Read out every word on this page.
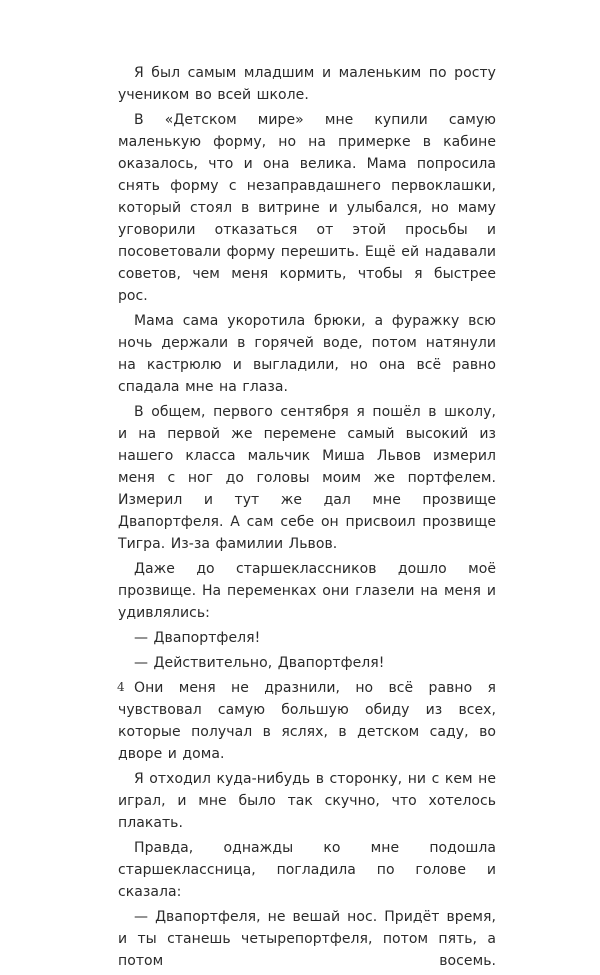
Я был самым младшим и маленьким по росту учеником во всей школе.

В «Детском мире» мне купили самую маленькую форму, но на примерке в кабине оказалось, что и она велика. Мама попросила снять форму с незаправдашнего первоклашки, который стоял в витрине и улыбался, но маму уговорили отказаться от этой просьбы и посоветовали форму перешить. Ещё ей надавали советов, чем меня кормить, чтобы я быстрее рос.

Мама сама укоротила брюки, а фуражку всю ночь держали в горячей воде, потом натянули на кастрюлю и выгладили, но она всё равно спадала мне на глаза.

В общем, первого сентября я пошёл в школу, и на первой же перемене самый высокий из нашего класса мальчик Миша Львов измерил меня с ног до головы моим же портфелем. Измерил и тут же дал мне прозвище Двапортфеля. А сам себе он присвоил прозвище Тигра. Из-за фамилии Львов.

Даже до старшеклассников дошло моё прозвище. На переменках они глазели на меня и удивлялись:

— Двапортфеля!

— Действительно, Двапортфеля!

Они меня не дразнили, но всё равно я чувствовал самую большую обиду из всех, которые получал в яслях, в детском саду, во дворе и дома.

Я отходил куда-нибудь в сторонку, ни с кем не играл, и мне было так скучно, что хотелось плакать.

Правда, однажды ко мне подошла старшеклассница, погладила по голове и сказала:

— Двапортфеля, не вешай нос. Придёт время, и ты станешь четырепортфеля, потом пять, а потом восемь.

4
